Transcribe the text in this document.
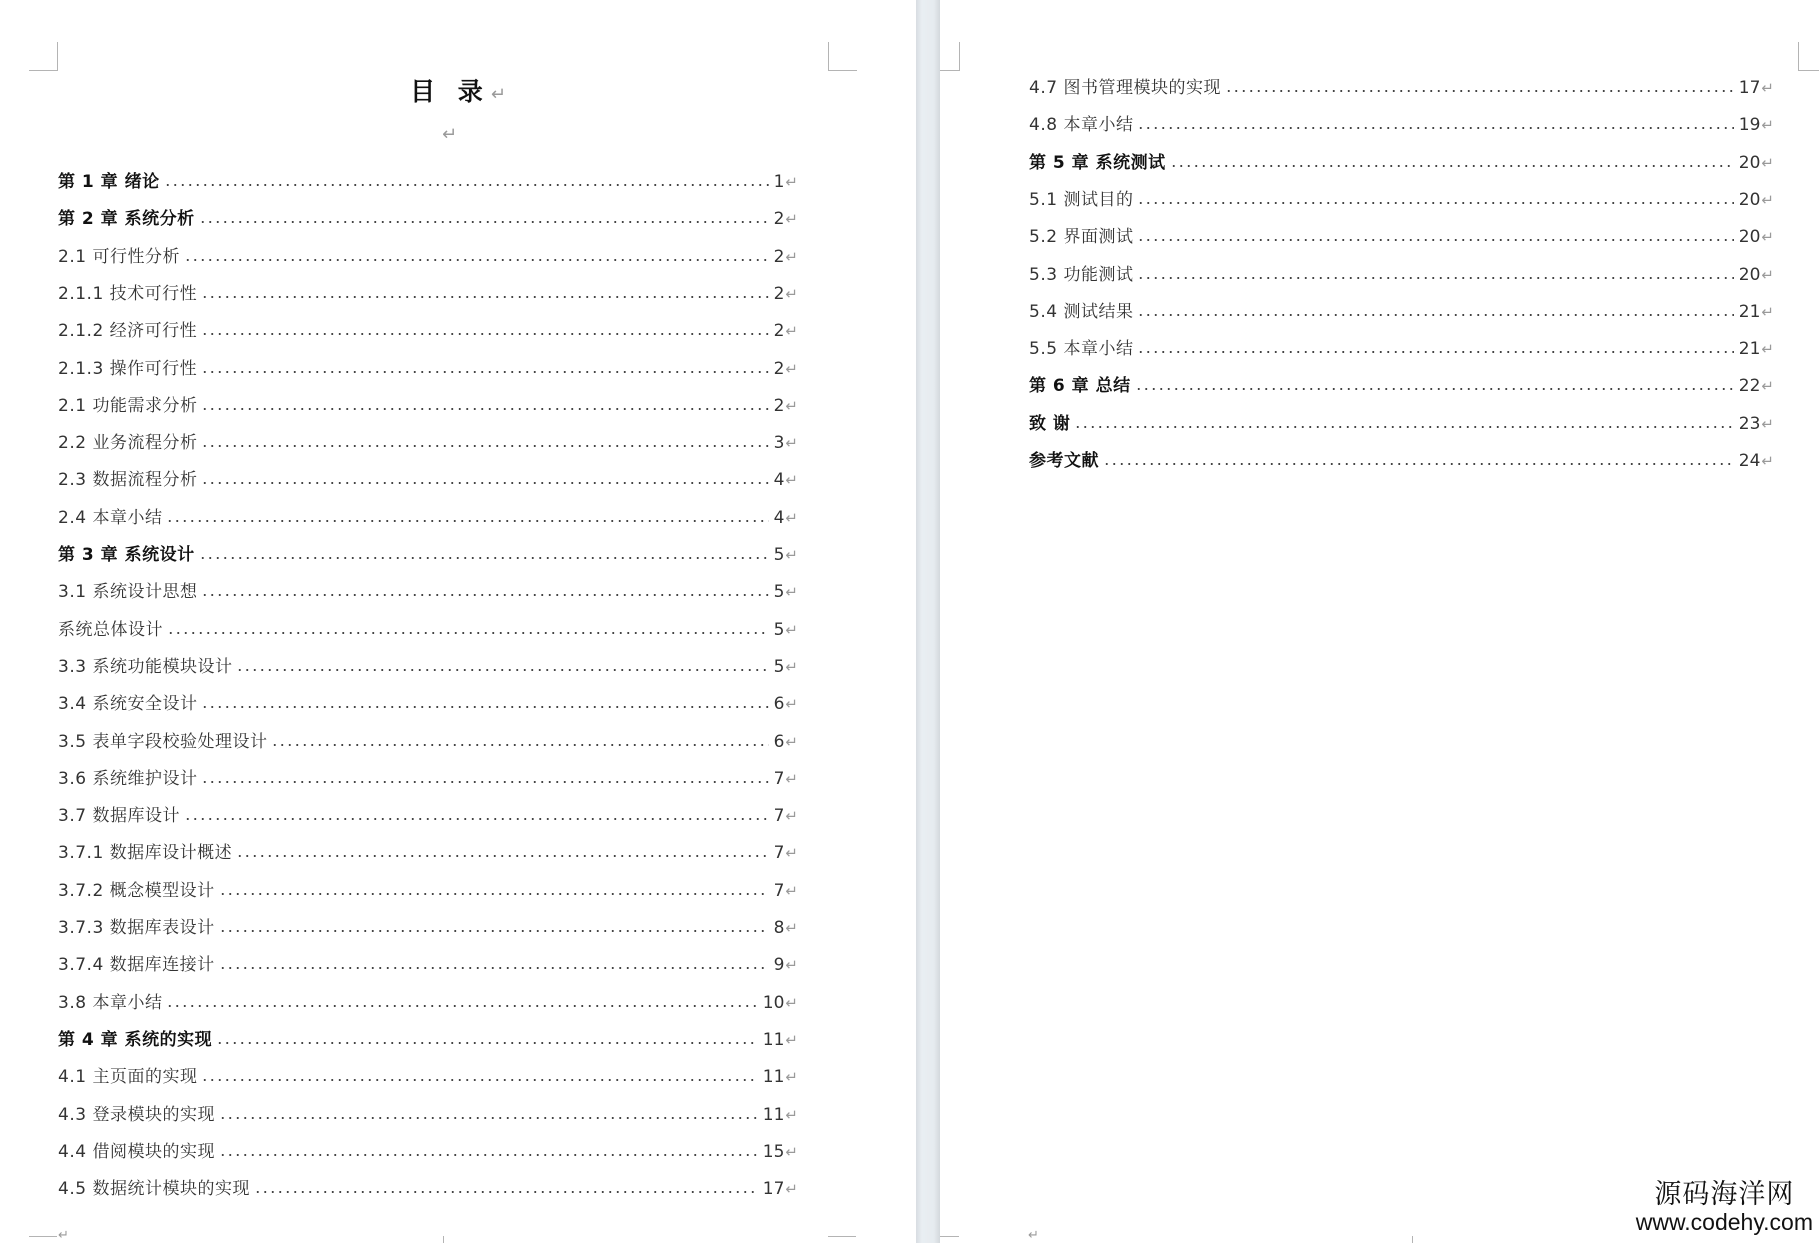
目 录↵
↵
第 1 章 绪论	1 ↵
第 2 章 系统分析	2 ↵
2.1 可行性分析	2 ↵
2.1.1 技术可行性	2 ↵
2.1.2 经济可行性	2 ↵
2.1.3 操作可行性	2 ↵
2.1 功能需求分析	2 ↵
2.2 业务流程分析	3 ↵
2.3 数据流程分析	4 ↵
2.4 本章小结	4 ↵
第 3 章 系统设计	5 ↵
3.1 系统设计思想	5 ↵
系统总体设计	5 ↵
3.3 系统功能模块设计	5 ↵
3.4 系统安全设计	6 ↵
3.5 表单字段校验处理设计	6 ↵
3.6 系统维护设计	7 ↵
3.7 数据库设计	7 ↵
3.7.1 数据库设计概述	7 ↵
3.7.2 概念模型设计	7 ↵
3.7.3 数据库表设计	8 ↵
3.7.4 数据库连接计	9 ↵
3.8 本章小结	10 ↵
第 4 章 系统的实现	11 ↵
4.1 主页面的实现	11 ↵
4.3 登录模块的实现	11 ↵
4.4 借阅模块的实现	15 ↵
4.5 数据统计模块的实现	17 ↵
↵
4.7 图书管理模块的实现	17 ↵
4.8 本章小结	19 ↵
第 5 章 系统测试	20 ↵
5.1 测试目的	20 ↵
5.2 界面测试	20 ↵
5.3 功能测试	20 ↵
5.4 测试结果	21 ↵
5.5 本章小结	21 ↵
第 6 章 总结	22 ↵
致 谢	23 ↵
参考文献	24 ↵
↵
源码海洋网
www.codehy.com
